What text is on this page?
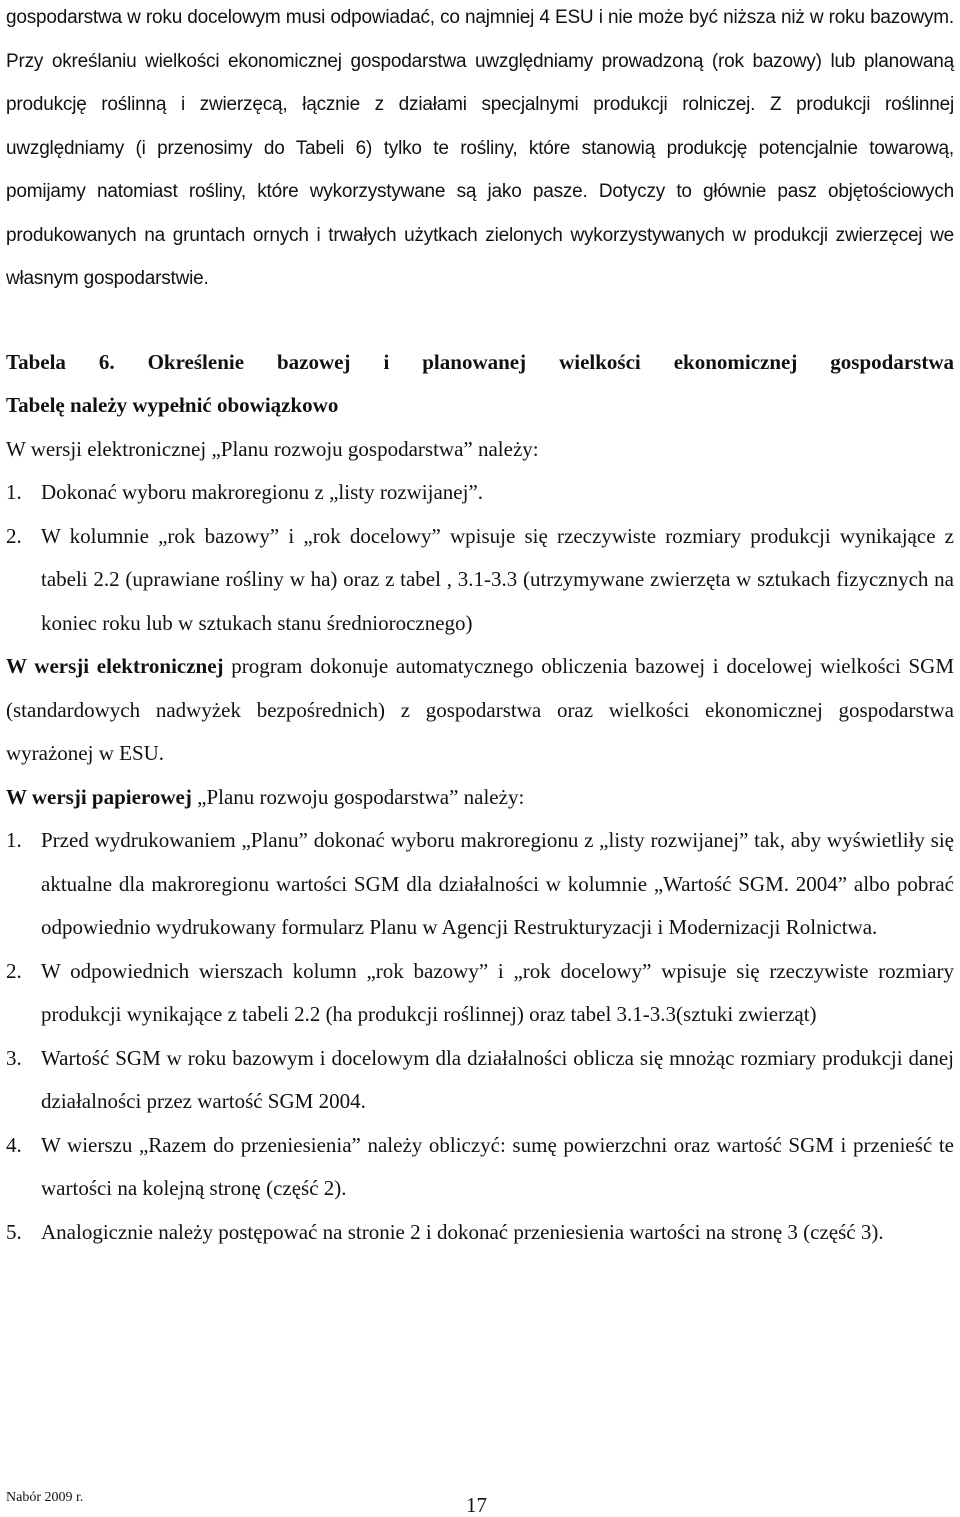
gospodarstwa w roku docelowym musi odpowiadać, co najmniej 4 ESU i nie może być niższa niż w roku bazowym. Przy określaniu wielkości ekonomicznej gospodarstwa uwzględniamy prowadzoną (rok bazowy) lub planowaną produkcję roślinną i zwierzęcą, łącznie z działami specjalnymi produkcji rolniczej. Z produkcji roślinnej uwzględniamy (i przenosimy do Tabeli 6) tylko te rośliny, które stanowią produkcję potencjalnie towarową, pomijamy natomiast rośliny, które wykorzystywane są jako pasze. Dotyczy to głównie pasz objętościowych produkowanych na gruntach ornych i trwałych użytkach zielonych wykorzystywanych w produkcji zwierzęcej we własnym gospodarstwie.

Tabela 6. Określenie bazowej i planowanej wielkości ekonomicznej gospodarstwa

Tabelę należy wypełnić obowiązkowo

W wersji elektronicznej „Planu rozwoju gospodarstwa” należy:

1. Dokonać wyboru makroregionu z „listy rozwijanej”.
2. W kolumnie „rok bazowy” i „rok docelowy” wpisuje się rzeczywiste rozmiary produkcji wynikające z tabeli 2.2 (uprawiane rośliny w ha) oraz z tabel , 3.1-3.3 (utrzymywane zwierzęta w sztukach fizycznych na koniec roku lub w sztukach stanu średniorocznego)

W wersji elektronicznej program dokonuje automatycznego obliczenia bazowej i docelowej wielkości SGM (standardowych nadwyżek bezpośrednich) z gospodarstwa oraz wielkości ekonomicznej gospodarstwa wyrażonej w ESU.

W wersji papierowej „Planu rozwoju gospodarstwa” należy:

1. Przed wydrukowaniem „Planu” dokonać wyboru makroregionu z „listy rozwijanej” tak, aby wyświetliły się aktualne dla makroregionu wartości SGM dla działalności w kolumnie „Wartość SGM. 2004” albo pobrać odpowiednio wydrukowany formularz Planu w Agencji Restrukturyzacji i Modernizacji Rolnictwa.
2. W odpowiednich wierszach kolumn „rok bazowy” i „rok docelowy” wpisuje się rzeczywiste rozmiary produkcji wynikające z tabeli 2.2 (ha produkcji roślinnej) oraz tabel 3.1-3.3(sztuki zwierząt)
3. Wartość SGM w roku bazowym i docelowym dla działalności oblicza się mnożąc rozmiary produkcji danej działalności przez wartość SGM 2004.
4. W wierszu „Razem do przeniesienia” należy obliczyć: sumę powierzchni oraz wartość SGM i przenieść te wartości na kolejną stronę (część 2).
5. Analogicznie należy postępować na stronie 2 i dokonać przeniesienia wartości na stronę 3 (część 3).
Nabór 2009 r.	17
